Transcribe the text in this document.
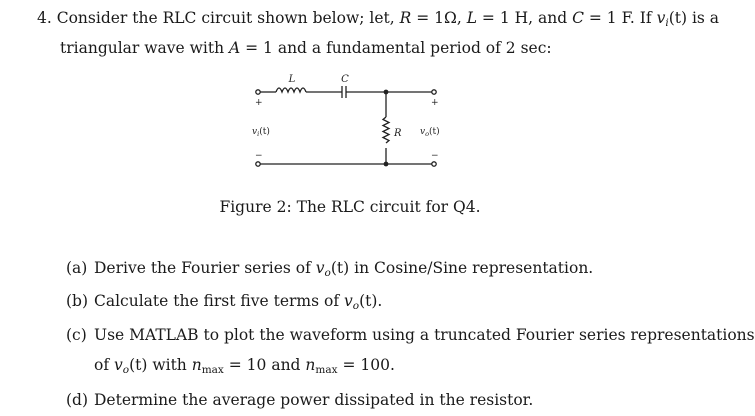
4. Consider the RLC circuit shown below; let, R = 1Ω, L = 1 H, and C = 1 F. If $v_i(t)$ is a
triangular wave with A = 1 and a fundamental period of 2 sec:
L	C
R
$v_i(t)$	$v_o(t)$
+
−
+
−
Figure 2: The RLC circuit for Q4.
(a) Derive the Fourier series of $v_o(t)$ in Cosine/Sine representation.
(b) Calculate the first five terms of $v_o(t)$.
(c) Use MATLAB to plot the waveform using a truncated Fourier series representations
of $v_o(t)$ with nmax = 10 and nmax = 100.
(d) Determine the average power dissipated in the resistor.
